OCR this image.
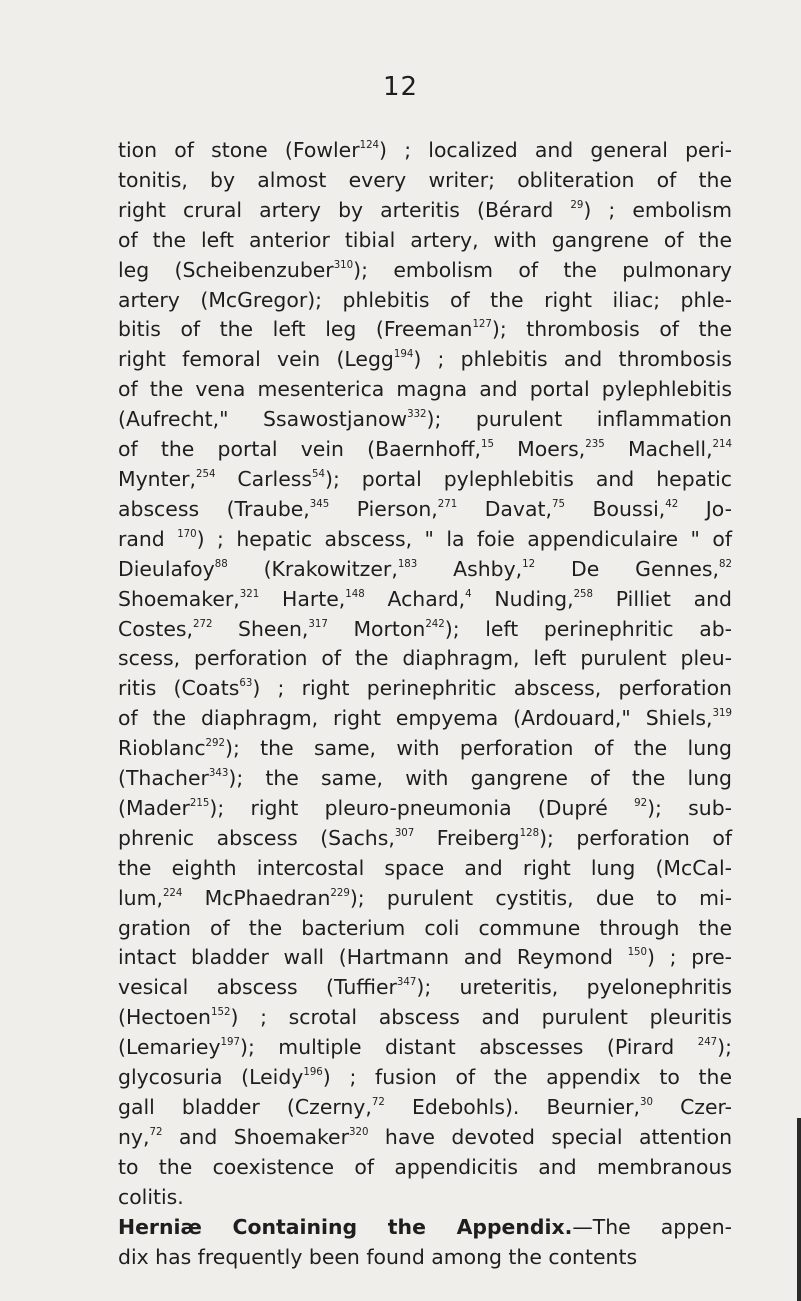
12
tion of stone (Fowler$^{124}$) ; localized and general peri-
tonitis, by almost every writer; obliteration of the
right crural artery by arteritis (Bérard $^{29}$) ; embolism
of the left anterior tibial artery, with gangrene of the
leg (Scheibenzuber$^{310}$); embolism of the pulmonary
artery (McGregor); phlebitis of the right iliac; phle-
bitis of the left leg (Freeman$^{127}$); thrombosis of the
right femoral vein (Legg$^{194}$) ; phlebitis and thrombosis
of the vena mesenterica magna and portal pylephlebitis
(Aufrecht," Ssawostjanow$^{332}$); purulent inflammation
of the portal vein (Baernhoff,$^{15}$ Moers,$^{235}$ Machell,$^{214}$
Mynter,$^{254}$ Carless$^{54}$); portal pylephlebitis and hepatic
abscess (Traube,$^{345}$ Pierson,$^{271}$ Davat,$^{75}$ Boussi,$^{42}$ Jo-
rand $^{170}$) ; hepatic abscess, " la foie appendiculaire " of
Dieulafoy$^{88}$ (Krakowitzer,$^{183}$ Ashby,$^{12}$ De Gennes,$^{82}$
Shoemaker,$^{321}$ Harte,$^{148}$ Achard,$^4$ Nuding,$^{258}$ Pilliet and
Costes,$^{272}$ Sheen,$^{317}$ Morton$^{242}$); left perinephritic ab-
scess, perforation of the diaphragm, left purulent pleu-
ritis (Coats$^{63}$) ; right perinephritic abscess, perforation
of the diaphragm, right empyema (Ardouard," Shiels,$^{319}$
Rioblanc$^{292}$); the same, with perforation of the lung
(Thacher$^{343}$); the same, with gangrene of the lung
(Mader$^{215}$); right pleuro-pneumonia (Dupré $^{92}$); sub-
phrenic abscess (Sachs,$^{307}$ Freiberg$^{128}$); perforation of
the eighth intercostal space and right lung (McCal-
lum,$^{224}$ McPhaedran$^{229}$); purulent cystitis, due to mi-
gration of the bacterium coli commune through the
intact bladder wall (Hartmann and Reymond $^{150}$) ; pre-
vesical abscess (Tuffier$^{347}$); ureteritis, pyelonephritis
(Hectoen$^{152}$) ; scrotal abscess and purulent pleuritis
(Lemariey$^{197}$); multiple distant abscesses (Pirard $^{247}$);
glycosuria (Leidy$^{196}$) ; fusion of the appendix to the
gall bladder (Czerny,$^{72}$ Edebohls). Beurnier,$^{30}$ Czer-
ny,$^{72}$ and Shoemaker$^{320}$ have devoted special attention
to the coexistence of appendicitis and membranous
colitis.
Herniæ Containing the Appendix.—The appen-
dix has frequently been found among the contents
